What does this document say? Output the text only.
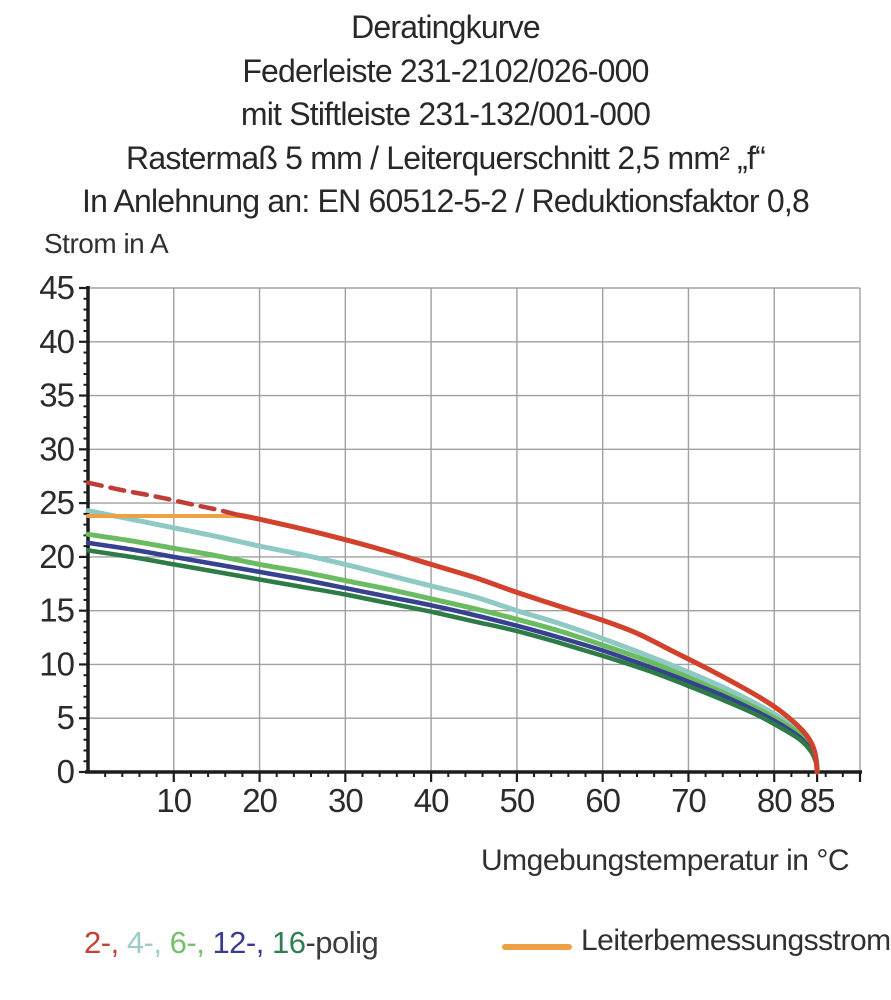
Deratingkurve
Federleiste 231-2102/026-000
mit Stiftleiste 231-132/001-000
Rastermaß 5 mm / Leiterquerschnitt 2,5 mm² „f“
In Anlehnung an: EN 60512-5-2 / Reduktionsfaktor 0,8
Strom in A
10 20 30 40 50 60 70 80 85
0
5
10
15
20
25
30
35
40
45
Umgebungstemperatur in °C
2-, 4-, 6-, 12-, 16-polig	Leiterbemessungsstrom
